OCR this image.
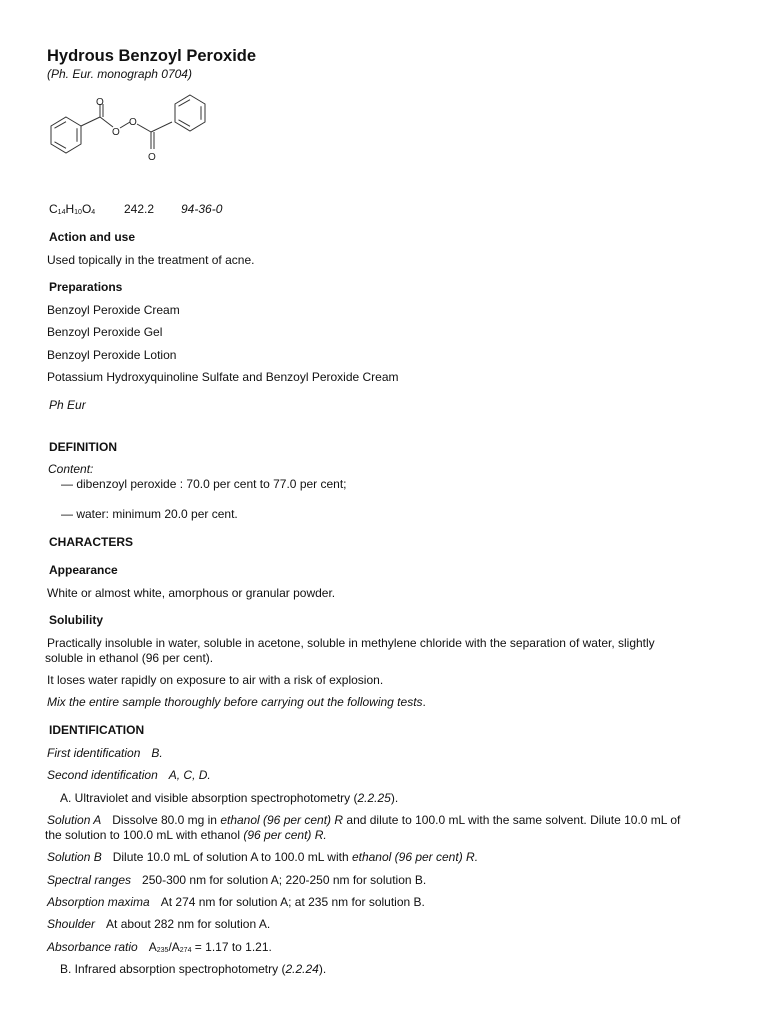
Hydrous Benzoyl Peroxide
(Ph. Eur. monograph 0704)
O
O
O
O
$C_{14}H_{10}O_4$ 242.2 94-36-0
Action and use
Used topically in the treatment of acne.
Preparations
Benzoyl Peroxide Cream
Benzoyl Peroxide Gel
Benzoyl Peroxide Lotion
Potassium Hydroxyquinoline Sulfate and Benzoyl Peroxide Cream
Ph Eur
DEFINITION
Content:
— dibenzoyl peroxide : 70.0 per cent to 77.0 per cent;
— water: minimum 20.0 per cent.
CHARACTERS
Appearance
White or almost white, amorphous or granular powder.
Solubility
Practically insoluble in water, soluble in acetone, soluble in methylene chloride with the separation of water, slightly
soluble in ethanol (96 per cent).
It loses water rapidly on exposure to air with a risk of explosion.
Mix the entire sample thoroughly before carrying out the following tests.
IDENTIFICATION
First identification B.
Second identification A, C, D.
A. Ultraviolet and visible absorption spectrophotometry (2.2.25).
Solution A Dissolve 80.0 mg in ethanol (96 per cent) R and dilute to 100.0 mL with the same solvent. Dilute 10.0 mL of
the solution to 100.0 mL with ethanol (96 per cent) R.
Solution B Dilute 10.0 mL of solution A to 100.0 mL with ethanol (96 per cent) R.
Spectral ranges 250-300 nm for solution A; 220-250 nm for solution B.
Absorption maxima At 274 nm for solution A; at 235 nm for solution B.
Shoulder At about 282 nm for solution A.
Absorbance ratio $A_{235}/A_{274} = 1.17$ to 1.21.
B. Infrared absorption spectrophotometry (2.2.24).
